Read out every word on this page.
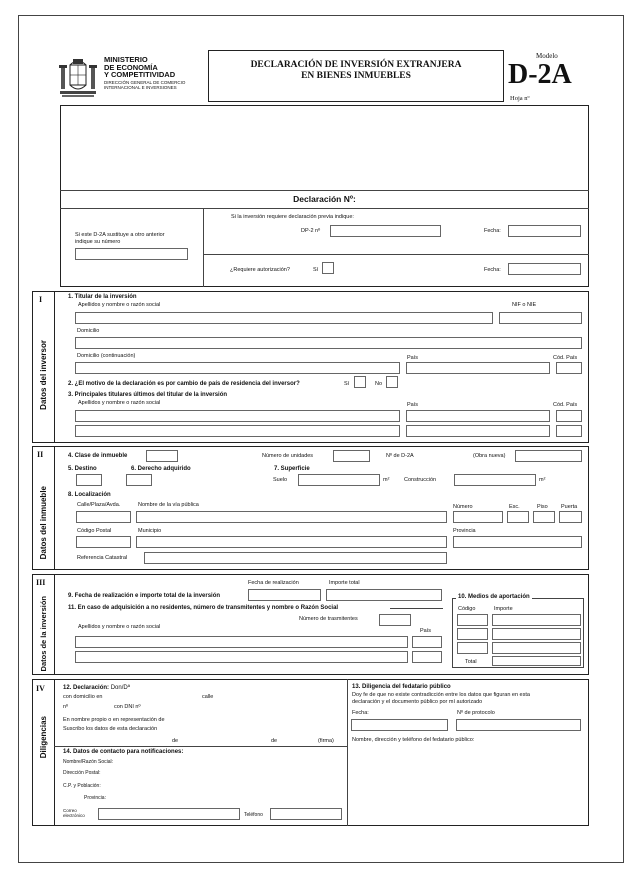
MINISTERIO
DE ECONOMÍA
Y COMPETITIVIDAD
DIRECCIÓN GENERAL DE COMERCIO
INTERNACIONAL E INVERSIONES
DECLARACIÓN DE INVERSIÓN EXTRANJERA
EN BIENES INMUEBLES
Modelo
D-2A
Hoja nº
Declaración Nº:
Si este D-2A sustituye a otro anterior
indique su número
Si la inversión requiere declaración previa indique:
DP-2 nº	Fecha:
¿Requiere autorización?	Sí	Fecha:
I
Datos del inversor
1. Titular de la inversión
Apellidos y nombre o razón social	NIF o NIE
Domicilio
Domicilio (continuación)	País	Cód. País
2. ¿El motivo de la declaración es por cambio de país de residencia del inversor?	Sí	No
3. Principales titulares últimos del titular de la inversión
Apellidos y nombre o razón social	País	Cód. País
II
Datos del inmueble
4. Clase de inmueble	Número de unidades	Nº de D-2A	(Obra nueva)
5. Destino	6. Derecho adquirido	7. Superficie
Suelo	m²	Construcción	m²
8. Localización
Calle/Plaza/Avda.	Nombre de la vía pública	Número	Esc.	Piso Puerta
Código Postal	Municipio	Provincia
Referencia Catastral
III
Datos de la inversión
Fecha de realización	Importe total
9. Fecha de realización e importe total de la inversión
11. En caso de adquisición a no residentes, número de transmitentes y nombre o Razón Social
Número de trasmitentes
Apellidos y nombre o razón social
País
10. Medios de aportación
Código	Importe
Total
IV
Diligencias
12. Declaración: Don/Dª
con domicilio en	calle
nº	con DNI nº
En nombre propio o en representación de
Suscribo los datos de esta declaración
de	de	(firma)
14. Datos de contacto para notificaciones:
Nombre/Razón Social:
Dirección Postal:
C.P. y Población:
Provincia:
Correo
electrónico	Teléfono
13. Diligencia del fedatario público
Doy fe de que no existe contradicción entre los datos que figuran en esta
declaración y el documento público por mí autorizado
Fecha:	Nº de protocolo
Nombre, dirección y teléfono del fedatario público:
